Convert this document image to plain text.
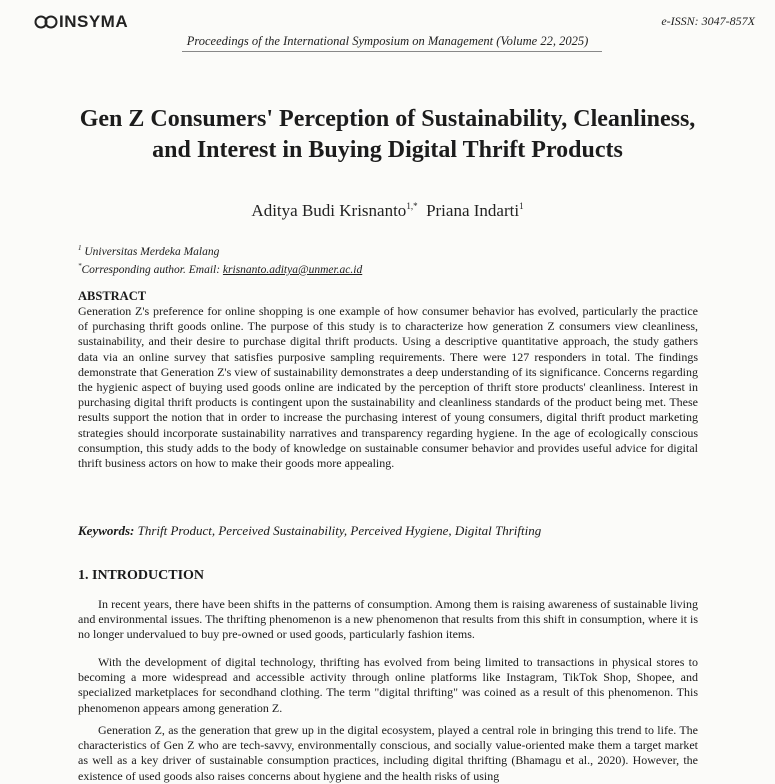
INSYMA	e-ISSN: 3047-857X
Proceedings of the International Symposium on Management (Volume 22, 2025)
Gen Z Consumers' Perception of Sustainability, Cleanliness, and Interest in Buying Digital Thrift Products
Aditya Budi Krisnanto$^{1,*}$ Priana Indarti$^1$
$^1$ Universitas Merdeka Malang
*Corresponding author. Email: krisnanto.aditya@unmer.ac.id
ABSTRACT

Generation Z's preference for online shopping is one example of how consumer behavior has evolved, particularly the practice of purchasing thrift goods online. The purpose of this study is to characterize how generation Z consumers view cleanliness, sustainability, and their desire to purchase digital thrift products. Using a descriptive quantitative approach, the study gathers data via an online survey that satisfies purposive sampling requirements. There were 127 responders in total. The findings demonstrate that Generation Z's view of sustainability demonstrates a deep understanding of its significance. Concerns regarding the hygienic aspect of buying used goods online are indicated by the perception of thrift store products' cleanliness. Interest in purchasing digital thrift products is contingent upon the sustainability and cleanliness standards of the product being met. These results support the notion that in order to increase the purchasing interest of young consumers, digital thrift product marketing strategies should incorporate sustainability narratives and transparency regarding hygiene. In the age of ecologically conscious consumption, this study adds to the body of knowledge on sustainable consumer behavior and provides useful advice for digital thrift business actors on how to make their goods more appealing.

Keywords: Thrift Product, Perceived Sustainability, Perceived Hygiene, Digital Thrifting
1. INTRODUCTION

In recent years, there have been shifts in the patterns of consumption. Among them is raising awareness of sustainable living and environmental issues. The thrifting phenomenon is a new phenomenon that results from this shift in consumption, where it is no longer undervalued to buy pre-owned or used goods, particularly fashion items.

With the development of digital technology, thrifting has evolved from being limited to transactions in physical stores to becoming a more widespread and accessible activity through online platforms like Instagram, TikTok Shop, Shopee, and specialized marketplaces for secondhand clothing. The term "digital thrifting" was coined as a result of this phenomenon. This phenomenon appears among generation Z.

Generation Z, as the generation that grew up in the digital ecosystem, played a central role in bringing this trend to life. The characteristics of Gen Z who are tech-savvy, environmentally conscious, and socially value-oriented make them a target market as well as a key driver of sustainable consumption practices, including digital thrifting (Bhamagu et al., 2020). However, the existence of used goods also raises concerns about hygiene and the health risks of using
